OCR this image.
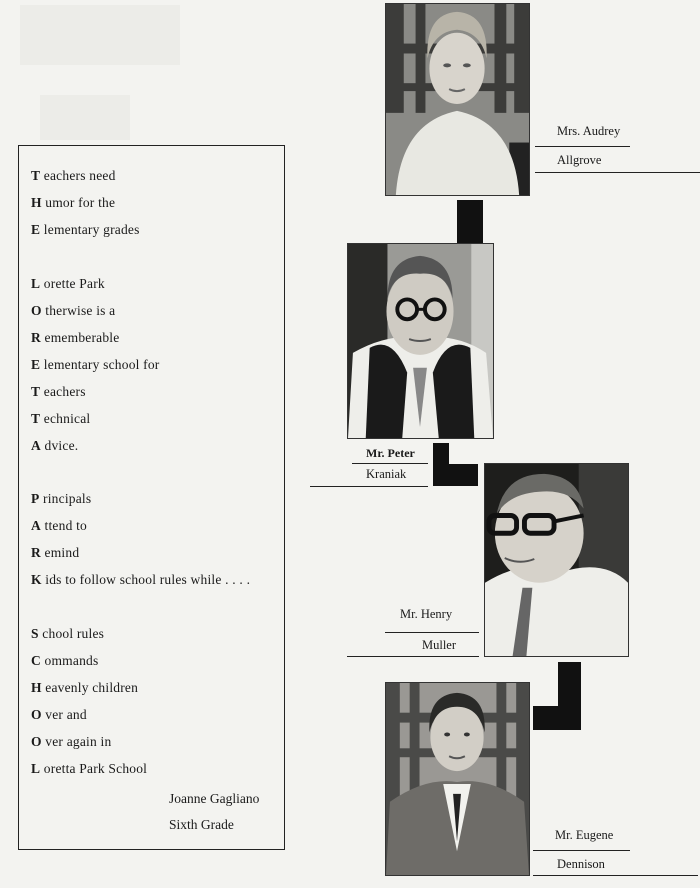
T eachers need
H umor for the
E lementary grades
L orette Park
O therwise is a
R ememberable
E lementary school for
T eachers
T echnical
A dvice.
P rincipals
A ttend to
R emind
K ids to follow school rules while . . . .
S chool rules
C ommands
H eavenly children
O ver and
O ver again in
L oretta Park School
Joanne Gagliano
Sixth Grade
Mrs. Audrey
Allgrove
Mr. Peter
Kraniak
Mr. Henry
Muller
Mr. Eugene
Dennison
